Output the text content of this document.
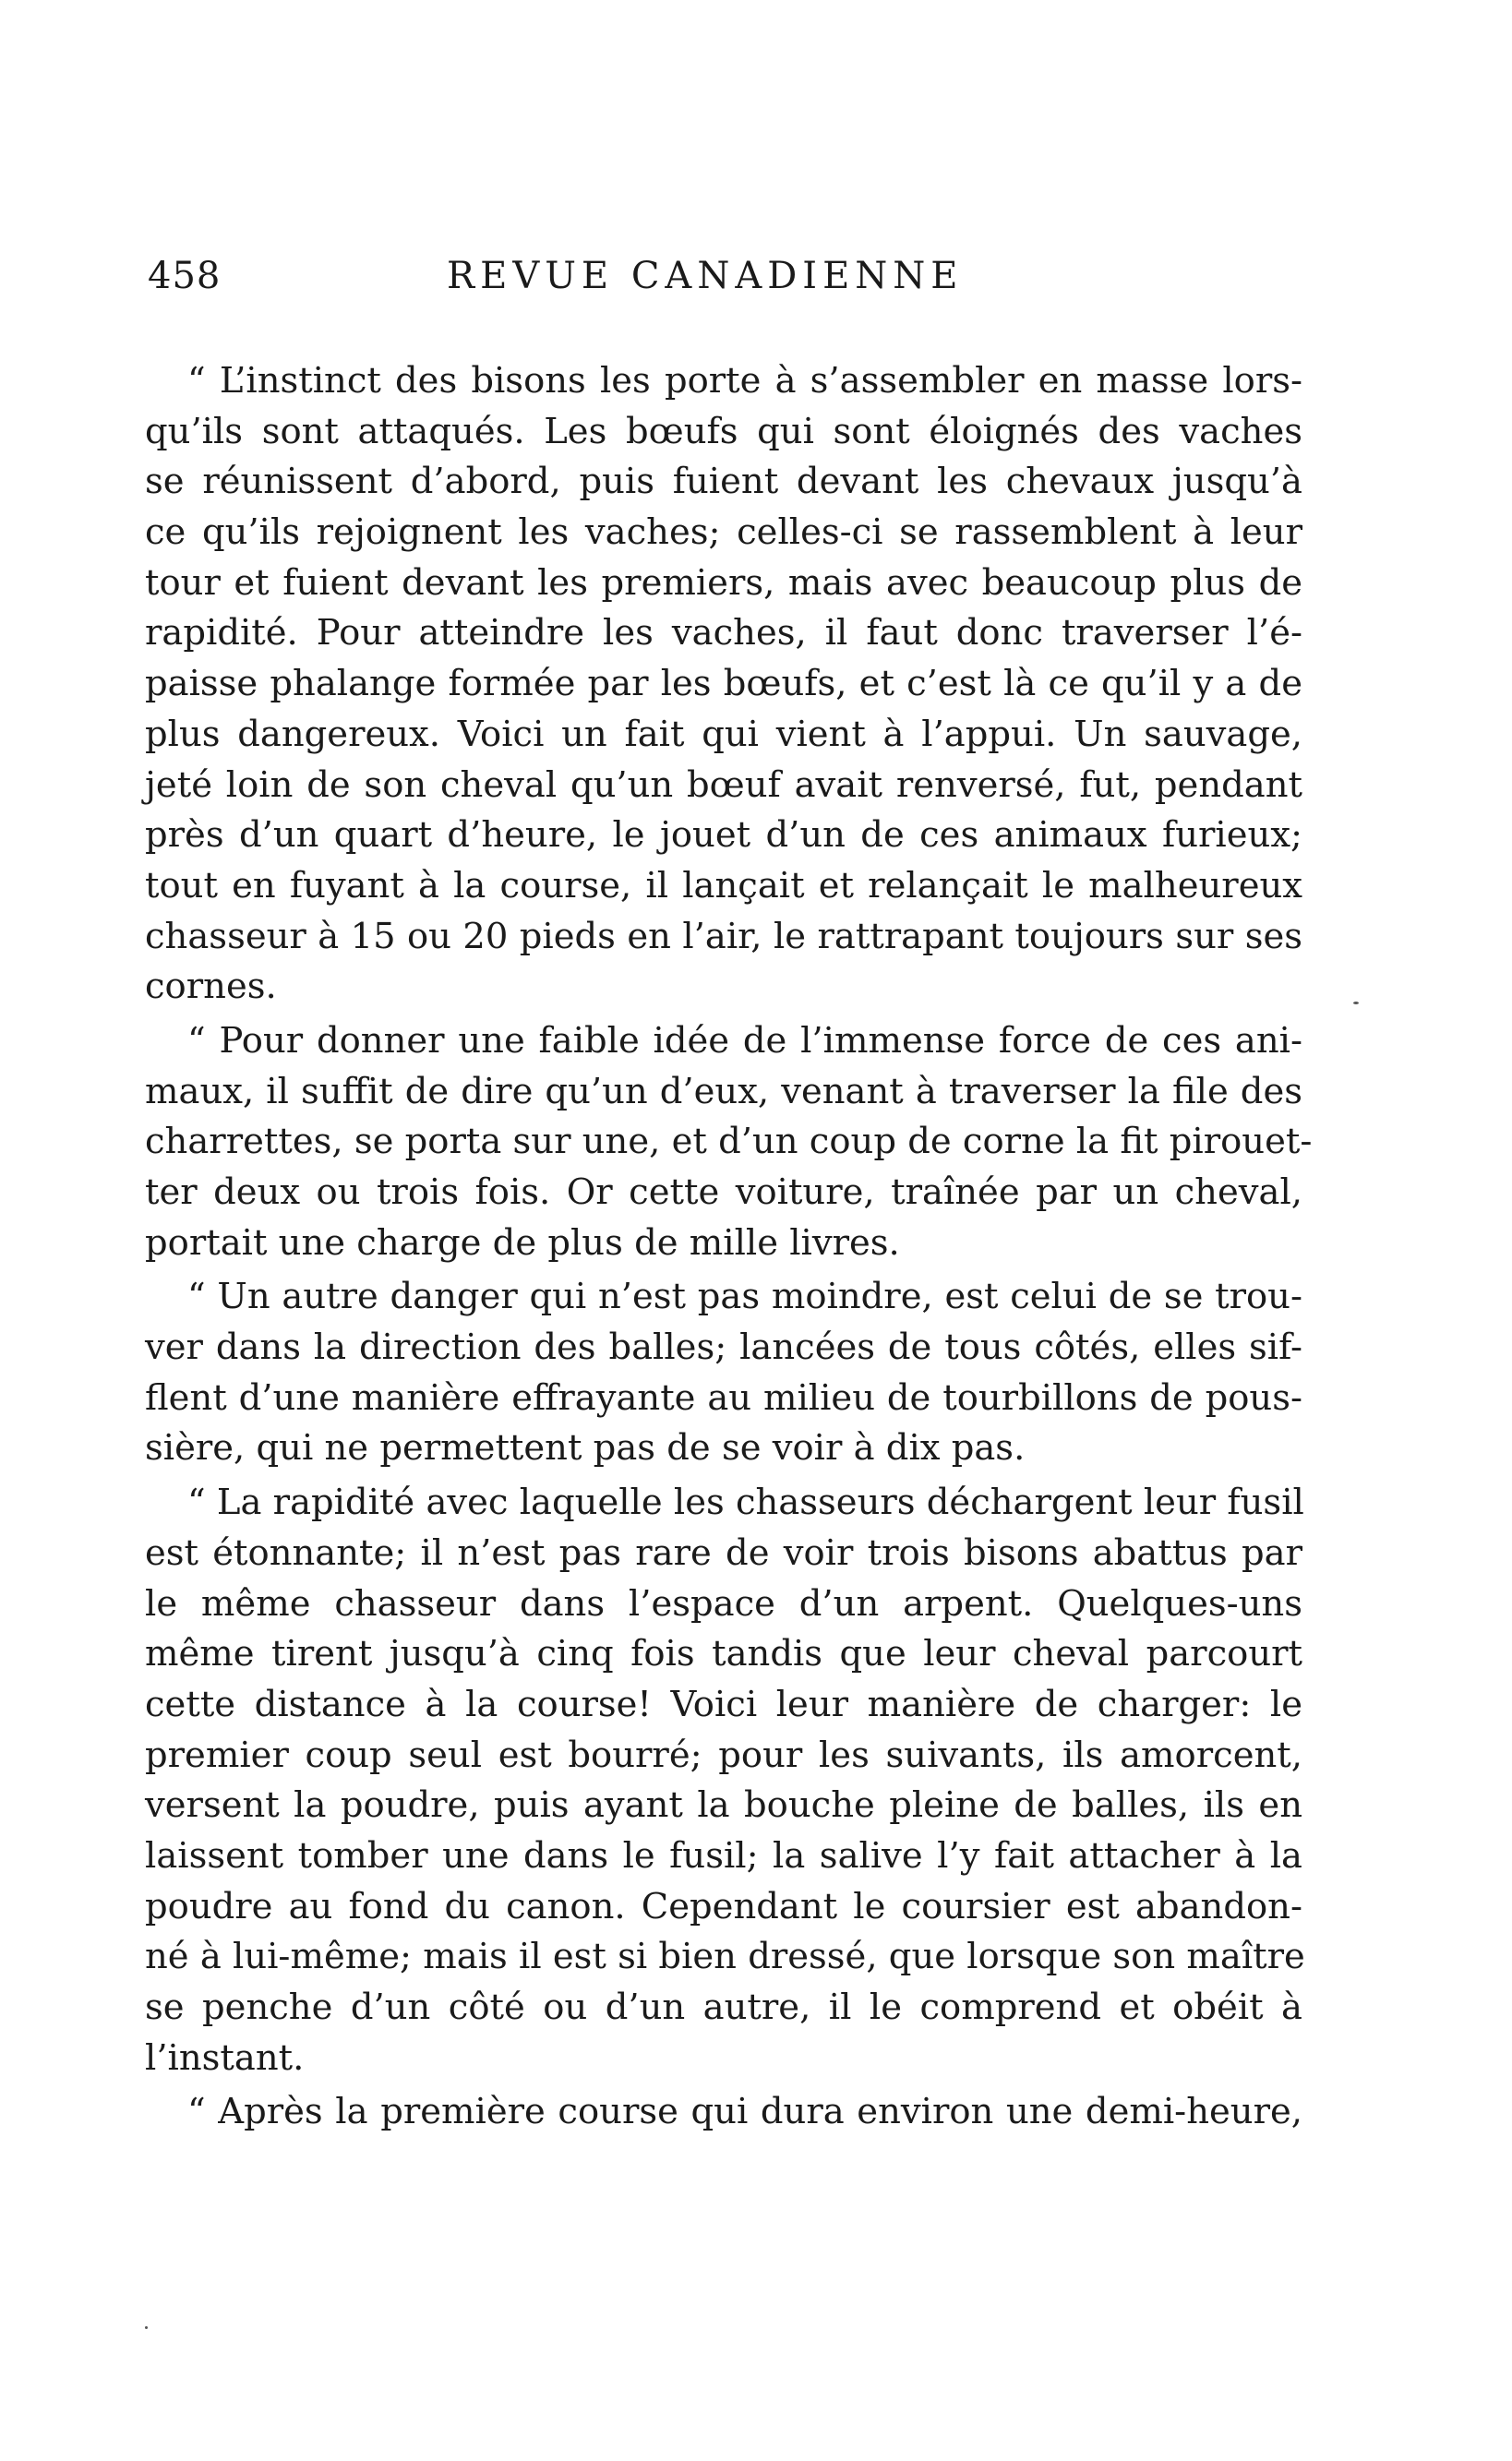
458	REVUE CANADIENNE
“ L’instinct des bisons les porte à s’assembler en masse lors-
qu’ils sont attaqués. Les bœufs qui sont éloignés des vaches
se réunissent d’abord, puis fuient devant les chevaux jusqu’à
ce qu’ils rejoignent les vaches; celles-ci se rassemblent à leur
tour et fuient devant les premiers, mais avec beaucoup plus de
rapidité. Pour atteindre les vaches, il faut donc traverser l’é-
paisse phalange formée par les bœufs, et c’est là ce qu’il y a de
plus dangereux. Voici un fait qui vient à l’appui. Un sauvage,
jeté loin de son cheval qu’un bœuf avait renversé, fut, pendant
près d’un quart d’heure, le jouet d’un de ces animaux furieux;
tout en fuyant à la course, il lançait et relançait le malheureux
chasseur à 15 ou 20 pieds en l’air, le rattrapant toujours sur ses
cornes.
“ Pour donner une faible idée de l’immense force de ces ani-
maux, il suffit de dire qu’un d’eux, venant à traverser la file des
charrettes, se porta sur une, et d’un coup de corne la fit pirouet-
ter deux ou trois fois. Or cette voiture, traînée par un cheval,
portait une charge de plus de mille livres.
“ Un autre danger qui n’est pas moindre, est celui de se trou-
ver dans la direction des balles; lancées de tous côtés, elles sif-
flent d’une manière effrayante au milieu de tourbillons de pous-
sière, qui ne permettent pas de se voir à dix pas.
“ La rapidité avec laquelle les chasseurs déchargent leur fusil
est étonnante; il n’est pas rare de voir trois bisons abattus par
le même chasseur dans l’espace d’un arpent. Quelques-uns
même tirent jusqu’à cinq fois tandis que leur cheval parcourt
cette distance à la course! Voici leur manière de charger: le
premier coup seul est bourré; pour les suivants, ils amorcent,
versent la poudre, puis ayant la bouche pleine de balles, ils en
laissent tomber une dans le fusil; la salive l’y fait attacher à la
poudre au fond du canon. Cependant le coursier est abandon-
né à lui-même; mais il est si bien dressé, que lorsque son maître
se penche d’un côté ou d’un autre, il le comprend et obéit à
l’instant.
“ Après la première course qui dura environ une demi-heure,
